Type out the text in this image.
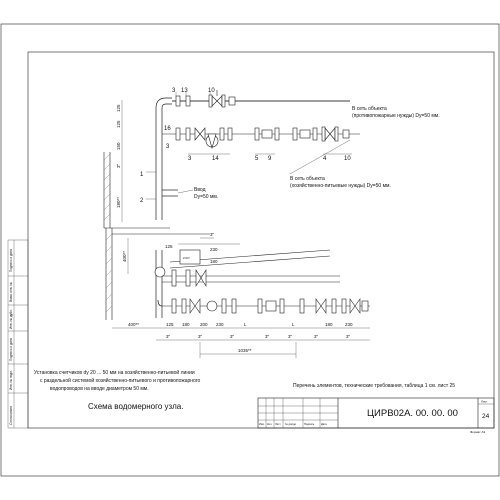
Подпись и дата
Взам. инв. №
Инв. № дубл.
Подпись и дата
Инв. № подл.
Согласовано	Изм. Кол. Лист	№ докум.	Подпись	Дата
ЦИРВ02А. 00. 00. 00
Лист
24
Формат А3
Установка счетчиков dy 20 ... 50 мм на хозяйственно-питьевой линии
с раздельной системой хозяйственно-питьевого и противопожарного
водопроводов на вводе диаметром 50 мм.
Схема водомерного узла.
Перечень элементов, технические требования, таблица 1 см. лист 25
3 13	10
16
3
3	14	5 9	4	10
1
2
125
125
150
3"
180**
В сеть объекта
(противопожарные нужды) Dy=50 мм.
В сеть объекта
(хозяйственно-питьевые нужды) Dy=50 мм.
Ввод
Dy=50 мм.
сч.н
125
3"
230
180
400**
400**	125 180 200 230	L	L	180	230
3"	3"	3"	3"	3"	3"	3"
1035**
